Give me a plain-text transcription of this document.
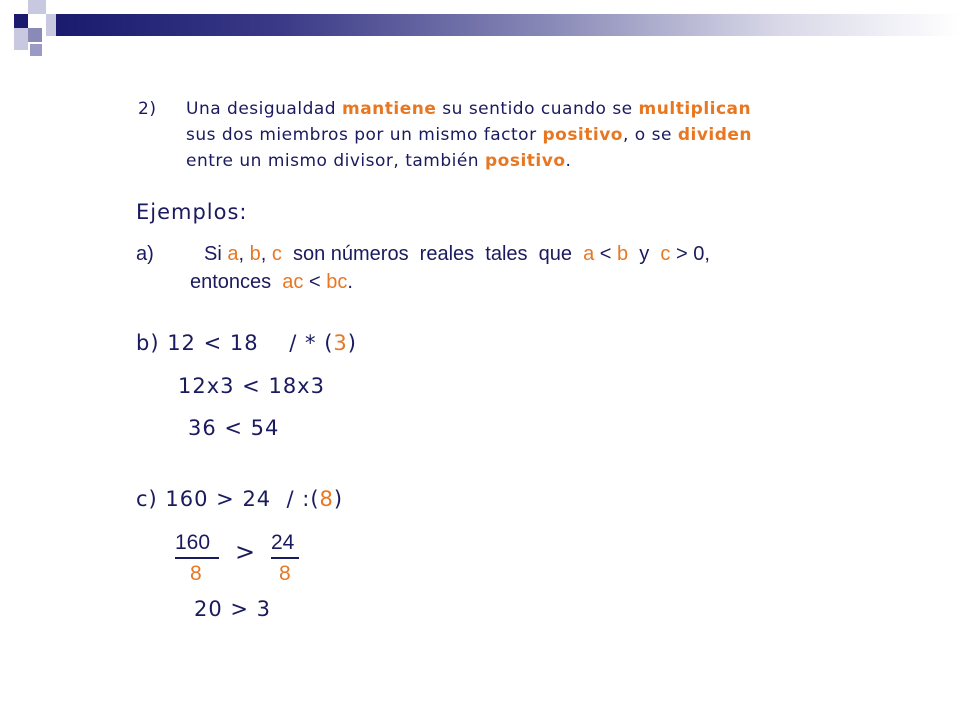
2) Una desigualdad mantiene su sentido cuando se multiplican
sus dos miembros por un mismo factor positivo, o se dividen
entre un mismo divisor, también positivo.
Ejemplos:
a)	Si a, b, c  son números  reales  tales  que  a < b  y  c > 0,
entonces  ac < bc.
b) 12 < 18    / * (3)
12x3 < 18x3
36 < 54
c) 160 > 24  / :(8)
160
8
> 24
8
20 > 3
